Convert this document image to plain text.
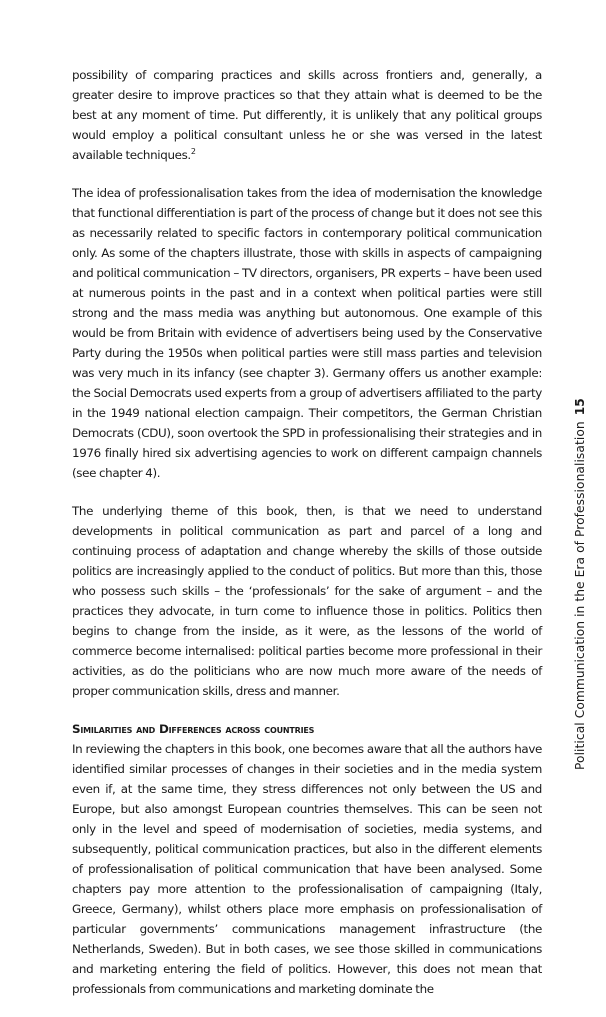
possibility of comparing practices and skills across frontiers and, generally, a greater desire to improve practices so that they attain what is deemed to be the best at any moment of time. Put differently, it is unlikely that any political groups would employ a political consultant unless he or she was versed in the latest available techniques.$^2$

The idea of professionalisation takes from the idea of modernisation the knowledge that functional differentiation is part of the process of change but it does not see this as necessarily related to specific factors in contemporary political communication only. As some of the chapters illustrate, those with skills in aspects of campaigning and political communication – TV directors, organisers, PR experts – have been used at numerous points in the past and in a context when political parties were still strong and the mass media was anything but autonomous. One example of this would be from Britain with evidence of advertisers being used by the Conservative Party during the 1950s when political parties were still mass parties and television was very much in its infancy (see chapter 3). Germany offers us another example: the Social Democrats used experts from a group of advertisers affiliated to the party in the 1949 national election campaign. Their competitors, the German Christian Democrats (CDU), soon overtook the SPD in professionalising their strategies and in 1976 finally hired six advertising agencies to work on different campaign channels (see chapter 4).

The underlying theme of this book, then, is that we need to understand developments in political communication as part and parcel of a long and continuing process of adaptation and change whereby the skills of those outside politics are increasingly applied to the conduct of politics. But more than this, those who possess such skills – the ‘professionals’ for the sake of argument – and the practices they advocate, in turn come to influence those in politics. Politics then begins to change from the inside, as it were, as the lessons of the world of commerce become internalised: political parties become more professional in their activities, as do the politicians who are now much more aware of the needs of proper communication skills, dress and manner.

Similarities and Differences across countries

In reviewing the chapters in this book, one becomes aware that all the authors have identified similar processes of changes in their societies and in the media system even if, at the same time, they stress differences not only between the US and Europe, but also amongst European countries themselves. This can be seen not only in the level and speed of modernisation of societies, media systems, and subsequently, political communication practices, but also in the different elements of professionalisation of political communication that have been analysed. Some chapters pay more attention to the professionalisation of campaigning (Italy, Greece, Germany), whilst others place more emphasis on professionalisation of particular governments’ communications management infrastructure (the Netherlands, Sweden). But in both cases, we see those skilled in communications and marketing entering the field of politics. However, this does not mean that professionals from communications and marketing dominate the

Political Communication in the Era of Professionalisation15
